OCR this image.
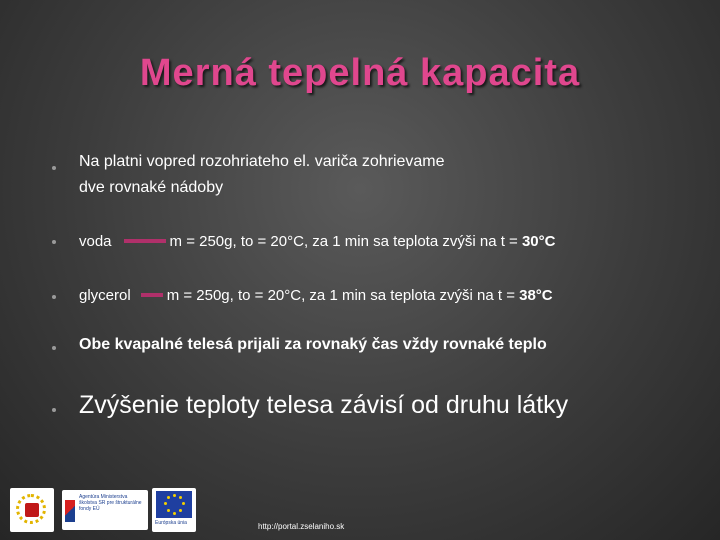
Merná tepelná kapacita
Na platni vopred rozohriateho el. variča zohrievame
dve rovnaké nádoby
voda	m = 250g, to = 20°C, za 1 min sa teplota zvýši na t = 30°C
glycerol m = 250g, to = 20°C, za 1 min sa teplota zvýši na t = 38°C
Obe kvapalné telesá prijali za rovnaký čas vždy rovnaké teplo
Zvýšenie teploty telesa závisí od druhu látky
Agentúra Ministerstva školstva SR pre štrukturálne fondy EÚ
Európska únia	http://portal.zselaniho.sk
